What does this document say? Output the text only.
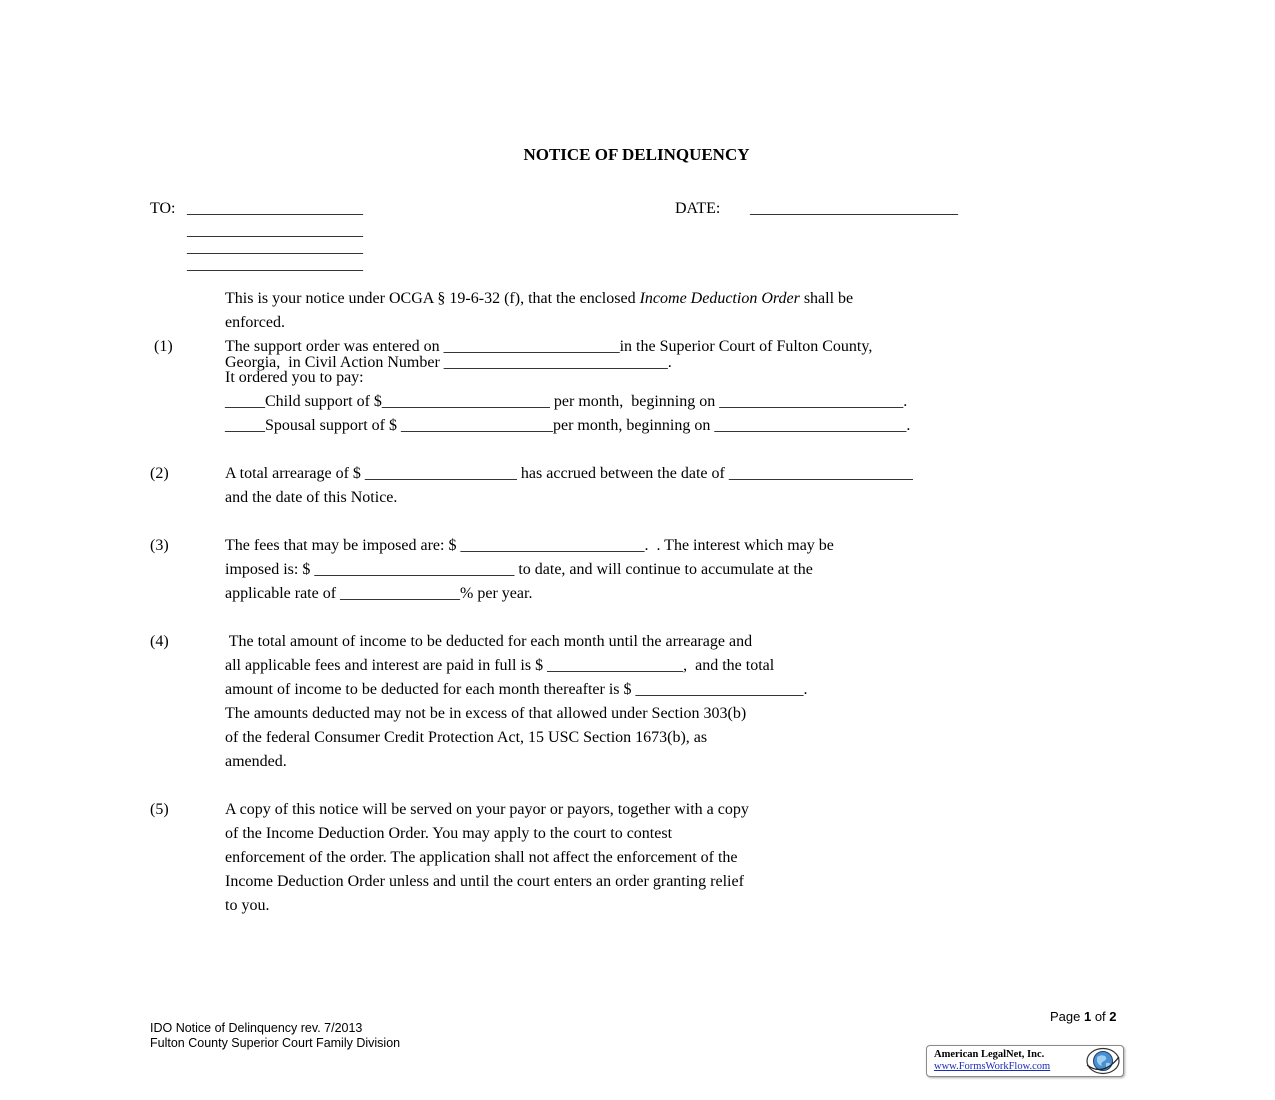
NOTICE OF DELINQUENCY
TO: ______________________
______________________
______________________
______________________
DATE: __________________________
This is your notice under OCGA § 19-6-32 (f), that the enclosed Income Deduction Order shall be
enforced.
(1)	The support order was entered on ______________________in the Superior Court of Fulton County,
Georgia,  in Civil Action Number ____________________________.
It ordered you to pay:
_____Child support of $_____________________ per month,  beginning on _______________________.
_____Spousal support of $ ___________________per month, beginning on ________________________.
(2)	A total arrearage of $ ___________________ has accrued between the date of _______________________
and the date of this Notice.
(3)	The fees that may be imposed are: $ _______________________.  . The interest which may be
imposed is: $ _________________________ to date, and will continue to accumulate at the
applicable rate of _______________% per year.
(4)	The total amount of income to be deducted for each month until the arrearage and
all applicable fees and interest are paid in full is $ _________________,  and the total
amount of income to be deducted for each month thereafter is $ _____________________.
The amounts deducted may not be in excess of that allowed under Section 303(b)
of the federal Consumer Credit Protection Act, 15 USC Section 1673(b), as
amended.
(5)	A copy of this notice will be served on your payor or payors, together with a copy
of the Income Deduction Order. You may apply to the court to contest
enforcement of the order. The application shall not affect the enforcement of the
Income Deduction Order unless and until the court enters an order granting relief
to you.
Page 1 of 2
IDO Notice of Delinquency rev. 7/2013
Fulton County Superior Court Family Division
American LegalNet, Inc.
www.FormsWorkFlow.com
